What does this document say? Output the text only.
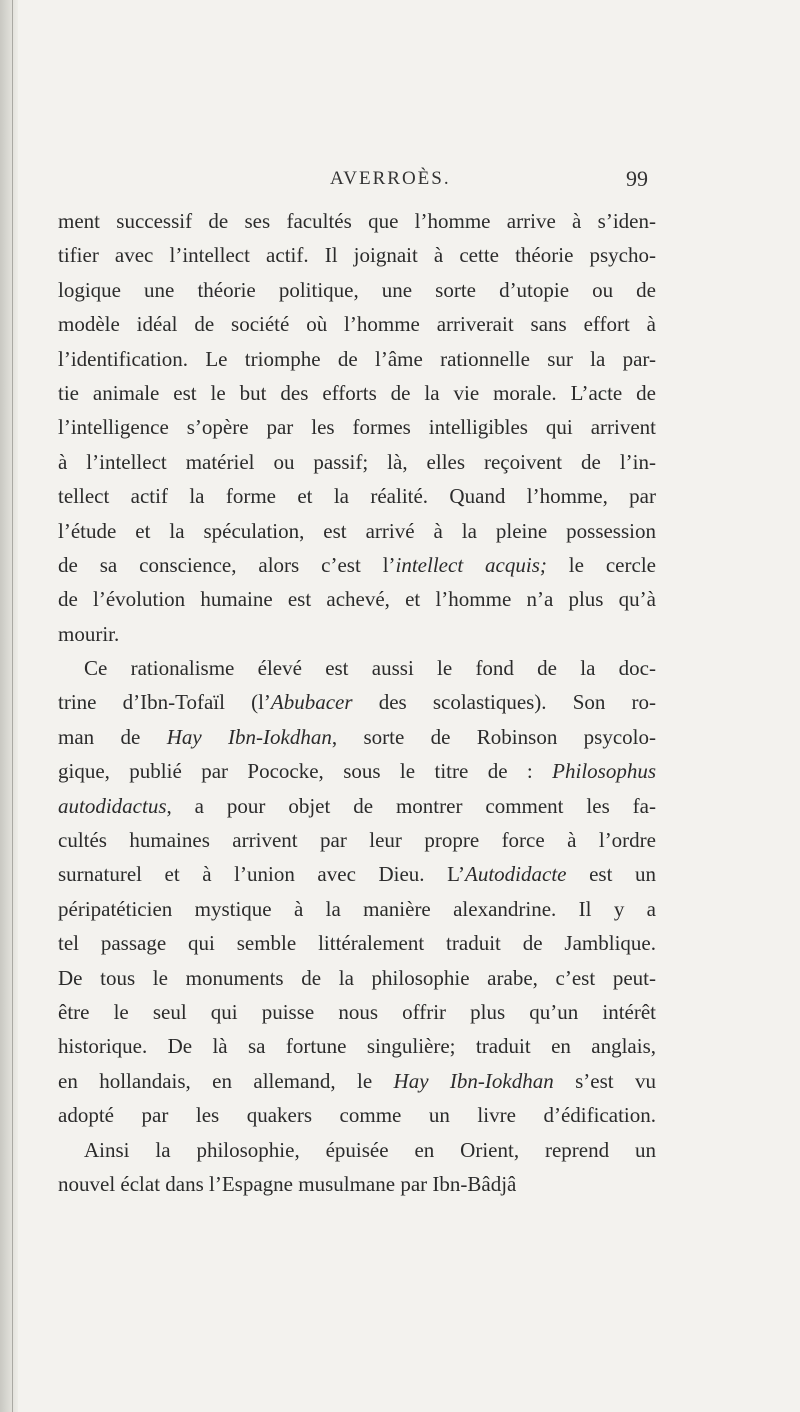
AVERROÈS.	99
ment successif de ses facultés que l’homme arrive à s’iden-
tifier avec l’intellect actif. Il joignait à cette théorie psycho-
logique une théorie politique, une sorte d’utopie ou de
modèle idéal de société où l’homme arriverait sans effort à
l’identification. Le triomphe de l’âme rationnelle sur la par-
tie animale est le but des efforts de la vie morale. L’acte de
l’intelligence s’opère par les formes intelligibles qui arrivent
à l’intellect matériel ou passif; là, elles reçoivent de l’in-
tellect actif la forme et la réalité. Quand l’homme, par
l’étude et la spéculation, est arrivé à la pleine possession
de sa conscience, alors c’est l’intellect acquis; le cercle
de l’évolution humaine est achevé, et l’homme n’a plus qu’à
mourir.
Ce rationalisme élevé est aussi le fond de la doc-
trine d’Ibn-Tofaïl (l’Abubacer des scolastiques). Son ro-
man de Hay Ibn-Iokdhan, sorte de Robinson psycolo-
gique, publié par Pococke, sous le titre de : Philosophus
autodidactus, a pour objet de montrer comment les fa-
cultés humaines arrivent par leur propre force à l’ordre
surnaturel et à l’union avec Dieu. L’Autodidacte est un
péripatéticien mystique à la manière alexandrine. Il y a
tel passage qui semble littéralement traduit de Jamblique.
De tous le monuments de la philosophie arabe, c’est peut-
être le seul qui puisse nous offrir plus qu’un intérêt
historique. De là sa fortune singulière; traduit en anglais,
en hollandais, en allemand, le Hay Ibn-Iokdhan s’est vu
adopté par les quakers comme un livre d’édification.
Ainsi la philosophie, épuisée en Orient, reprend un
nouvel éclat dans l’Espagne musulmane par Ibn-Bâdjâ
